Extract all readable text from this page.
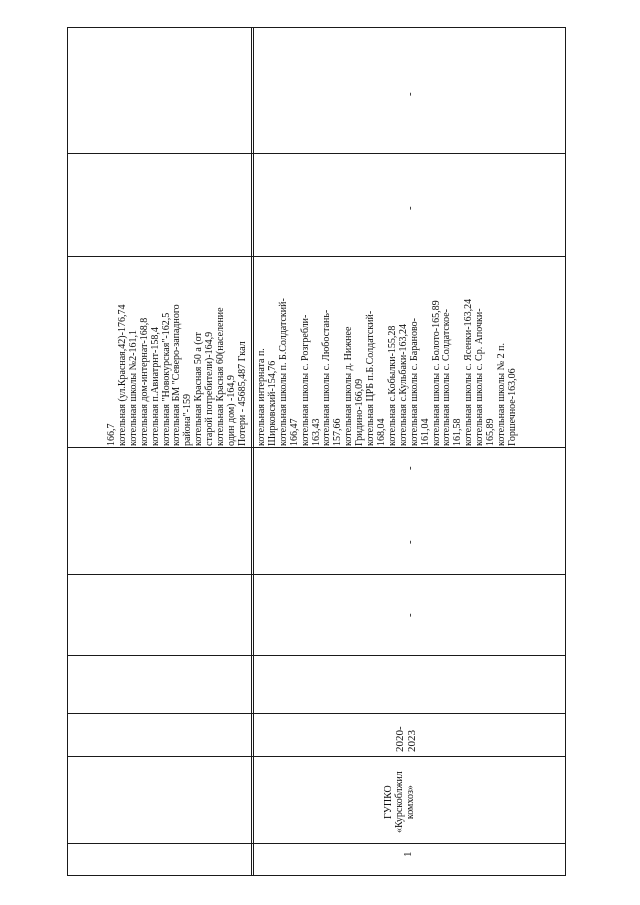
1
ГУПКО «Курскоблжил комхоз»
2020- 2023
-
-
-
-
-
166,7 котельная (ул.Красная,42)-176,74 котельная школы №2-161,1 котельная дом-интернат-168,8 котельная п.Авиатрнт-158,4 котельная "Новокурская"-162,5 котельная БМ "Северо-западного района"-159 котельная Красная 50 а (от старой потребители)-164,9 котельная Красная 60(население один дом) -164,9 Потери - 45685,487 Гкал котельная интерната п. Ширковский-154,76 котельная школы п. Б.Солдатский- 166,47 котельная школы с. Розгребли- 163,43 котельная школы с. Любостань- 157,66 котельная школы д. Нижнее Гридино-166,09 котельная ЦРБ п.Б.Солдатский- 168,04 котельная с.Кобылки-155,28 котельная с.Кульбаки-163,24 котельная школы с. Бараново- 161,04 котельная школы с. Болото-165,89 котельная школы с. Солдатское- 161,58 котельная школы с. Ясенки-163,24 котельная школы с. Ср. Апочки- 165,89 котельная школы № 2 п. Горшечное-163,06
